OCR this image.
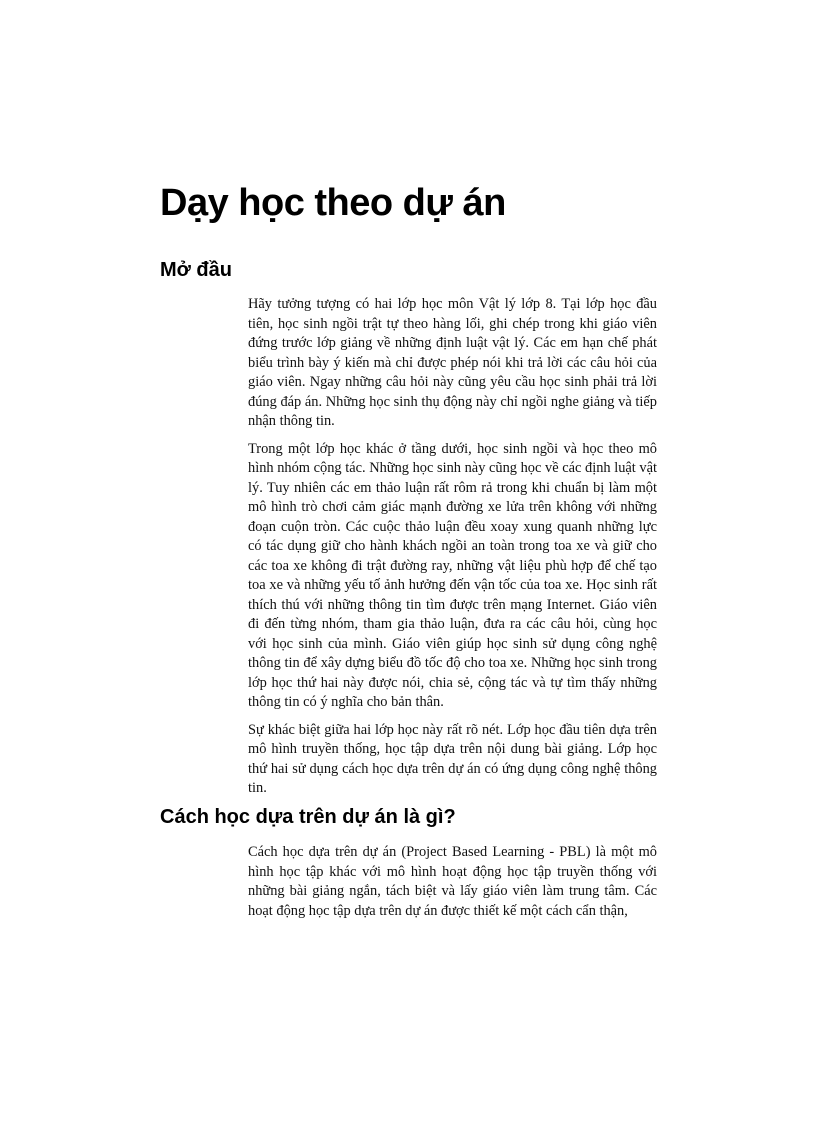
Dạy học theo dự án
Mở đầu

Hãy tưởng tượng có hai lớp học môn Vật lý lớp 8. Tại lớp học đầu tiên, học sinh ngồi trật tự theo hàng lối, ghi chép trong khi giáo viên đứng trước lớp giảng về những định luật vật lý. Các em hạn chế phát biểu trình bày ý kiến mà chỉ được phép nói khi trả lời các câu hỏi của giáo viên. Ngay những câu hỏi này cũng yêu cầu học sinh phải trả lời đúng đáp án. Những học sinh thụ động này chỉ ngồi nghe giảng và tiếp nhận thông tin.

Trong một lớp học khác ở tầng dưới, học sinh ngồi và học theo mô hình nhóm cộng tác. Những học sinh này cũng học về các định luật vật lý. Tuy nhiên các em thảo luận rất rôm rả trong khi chuẩn bị làm một mô hình trò chơi cảm giác mạnh đường xe lửa trên không với những đoạn cuộn tròn. Các cuộc thảo luận đều xoay xung quanh những lực có tác dụng giữ cho hành khách ngồi an toàn trong toa xe và giữ cho các toa xe không đi trật đường ray, những vật liệu phù hợp để chế tạo toa xe và những yếu tố ảnh hưởng đến vận tốc của toa xe. Học sinh rất thích thú với những thông tin tìm được trên mạng Internet. Giáo viên đi đến từng nhóm, tham gia thảo luận, đưa ra các câu hỏi, cùng học với học sinh của mình. Giáo viên giúp học sinh sử dụng công nghệ thông tin để xây dựng biểu đồ tốc độ cho toa xe. Những học sinh trong lớp học thứ hai này được nói, chia sẻ, cộng tác và tự tìm thấy những thông tin có ý nghĩa cho bản thân.

Sự khác biệt giữa hai lớp học này rất rõ nét. Lớp học đầu tiên dựa trên mô hình truyền thống, học tập dựa trên nội dung bài giảng. Lớp học thứ hai sử dụng cách học dựa trên dự án có ứng dụng công nghệ thông tin.

Cách học dựa trên dự án là gì?

Cách học dựa trên dự án (Project Based Learning - PBL) là một mô hình học tập khác với mô hình hoạt động học tập truyền thống với những bài giảng ngắn, tách biệt và lấy giáo viên làm trung tâm. Các hoạt động học tập dựa trên dự án được thiết kế một cách cẩn thận,
